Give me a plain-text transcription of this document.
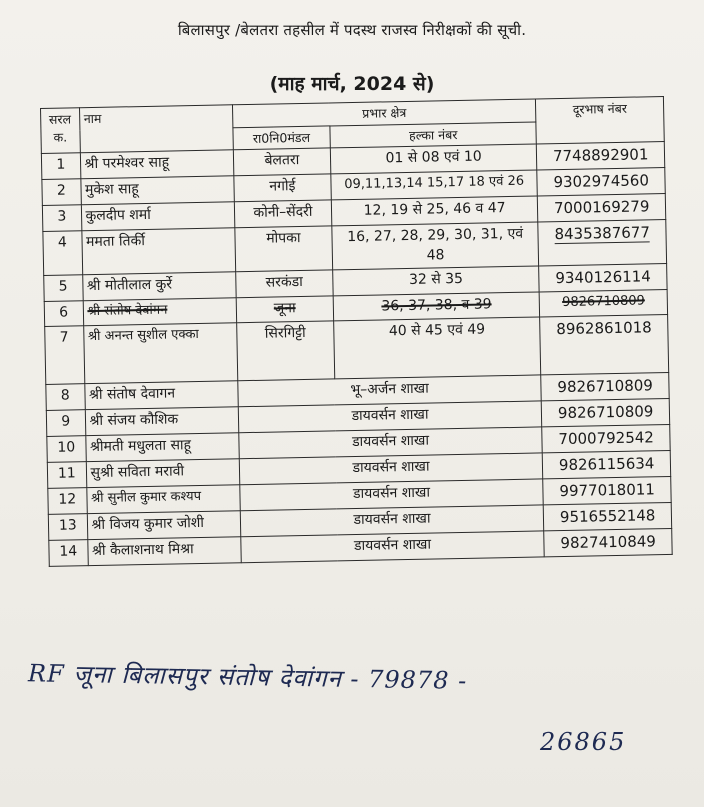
बिलासपुर /बेलतरा तहसील में पदस्थ राजस्व निरीक्षकों की सूची.
(माह मार्च, 2024 से)
सरल क.	नाम	प्रभार क्षेत्र		दूरभाष नंबर
		रा0नि0मंडल	हल्का नंबर	
1	श्री परमेश्वर साहू	बेलतरा	01 से 08 एवं 10	7748892901
2	मुकेश साहू	नगोई	09,11,13,14 15,17 18 एवं 26	9302974560
3	कुलदीप शर्मा	कोनी–सेंदरी	12, 19 से 25, 46 व 47	7000169279
4	ममता तिर्की	मोपका	16, 27, 28, 29, 30, 31, एवं 48	8435387677
5	श्री मोतीलाल कुर्रे	सरकंडा	32 से 35	9340126114
6	श्री संतोष देवांगन	जूना	36, 37, 38, व 39	9826710809
7	श्री अनन्त सुशील एक्का	सिरगिट्टी	40 से 45 एवं 49	8962861018
8	श्री संतोष देवागन	भू–अर्जन शाखा		9826710809
9	श्री संजय कौशिक	डायवर्सन शाखा		9826710809
10	श्रीमती मधुलता साहू	डायवर्सन शाखा		7000792542
11	सुश्री सविता मरावी	डायवर्सन शाखा		9826115634
12	श्री सुनील कुमार कश्यप	डायवर्सन शाखा		9977018011
13	श्री विजय कुमार जोशी	डायवर्सन शाखा		9516552148
14	श्री कैलाशनाथ मिश्रा	डायवर्सन शाखा		9827410849
RF जूना बिलासपुर संतोष देवांगन - 79878 -
26865
